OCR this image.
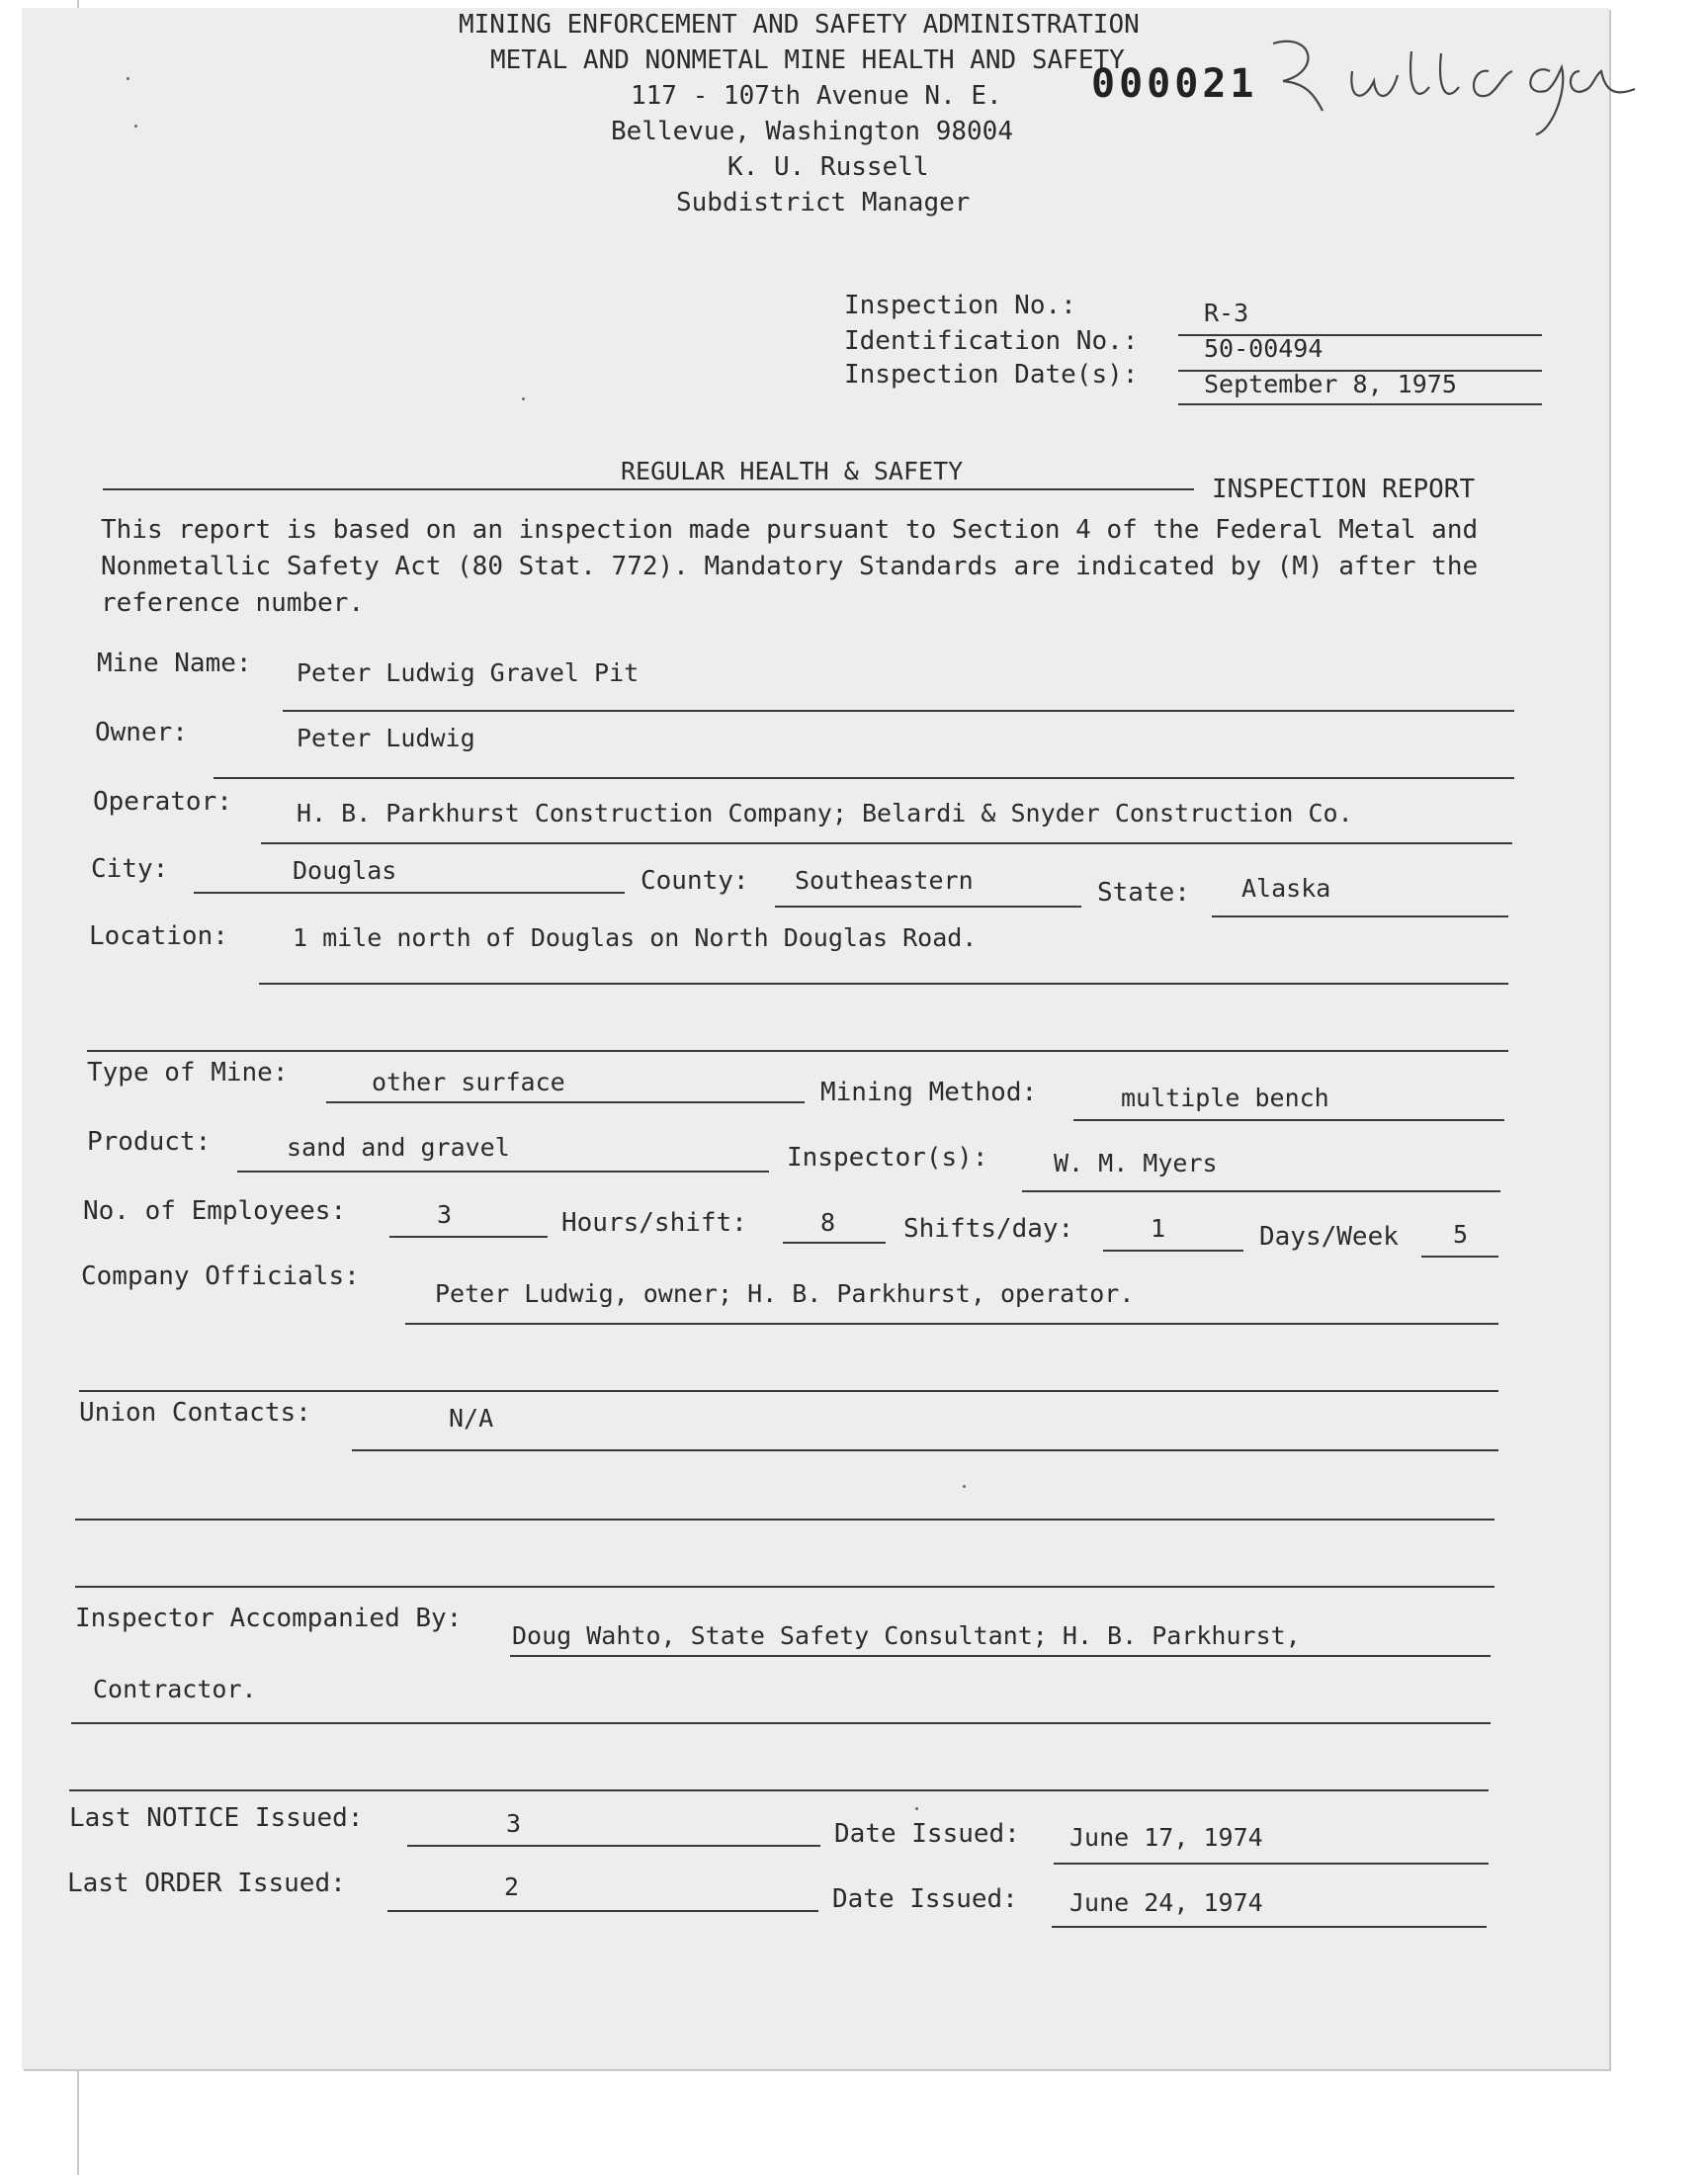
MINING ENFORCEMENT AND SAFETY ADMINISTRATION
METAL AND NONMETAL MINE HEALTH AND SAFETY
117 - 107th Avenue N. E.
Bellevue, Washington 98004
K. U. Russell
Subdistrict Manager
000021
Inspection No.:	R-3
Identification No.:	50-00494
Inspection Date(s):	September 8, 1975
REGULAR HEALTH & SAFETY
INSPECTION REPORT
This report is based on an inspection made pursuant to Section 4 of the Federal Metal and Nonmetallic Safety Act (80 Stat. 772). Mandatory Standards are indicated by (M) after the reference number.
Mine Name: Peter Ludwig Gravel Pit
Owner:	Peter Ludwig
Operator:	H. B. Parkhurst Construction Company; Belardi & Snyder Construction Co.
City:	Douglas	County: Southeastern	State: Alaska
Location:	1 mile north of Douglas on North Douglas Road.
Type of Mine:	other surface	Mining Method:	multiple bench
Product:	sand and gravel	Inspector(s):	W. M. Myers
No. of Employees:	3	Hours/shift:	8	Shifts/day:	1	Days/Week 5
Company Officials:
Peter Ludwig, owner; H. B. Parkhurst, operator.
Union Contacts:	N/A
Inspector Accompanied By:
Doug Wahto, State Safety Consultant; H. B. Parkhurst,
Contractor.
Last NOTICE Issued:	3	Date Issued: June 17, 1974
Last ORDER Issued:	2	Date Issued: June 24, 1974
